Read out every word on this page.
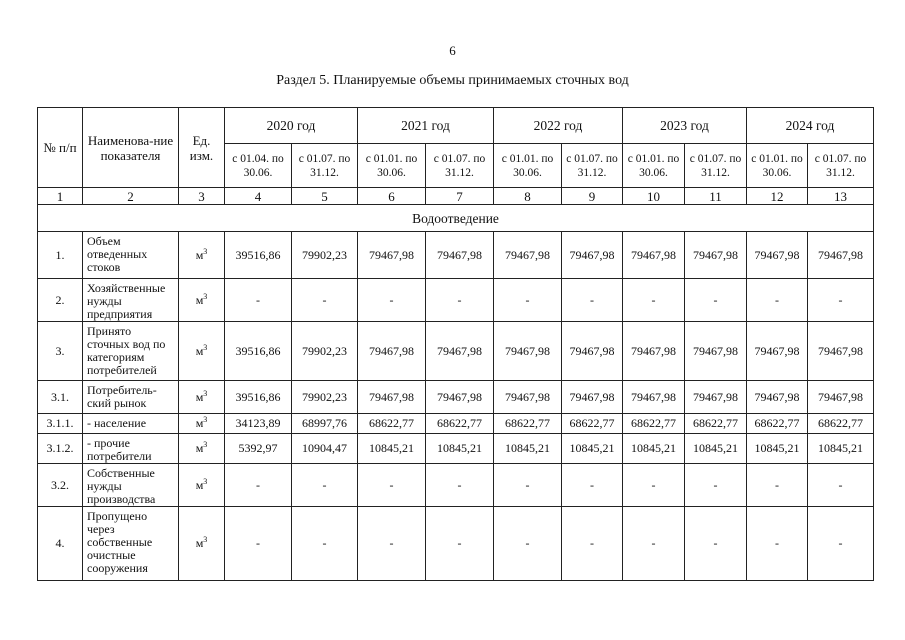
6
Раздел 5. Планируемые объемы принимаемых сточных вод
№ п/п	Наименова-ние показателя	Ед. изм.	2020 год		2021 год		2022 год		2023 год		2024 год	
			с 01.04. по 30.06.	с 01.07. по 31.12.	с 01.01. по 30.06.	с 01.07. по 31.12.	с 01.01. по 30.06.	с 01.07. по 31.12.	с 01.01. по 30.06.	с 01.07. по 31.12.	с 01.01. по 30.06.	с 01.07. по 31.12.
1	2	3	4	5	6	7	8	9	10	11	12	13
Водоотведение												
1.	Объем отведенных стоков	$м^3$	39516,86	79902,23	79467,98	79467,98	79467,98	79467,98	79467,98	79467,98	79467,98	79467,98
2.	Хозяйственные нужды предприятия	$м^3$	-	-	-	-	-	-	-	-	-	-
3.	Принято сточных вод по категориям потребителей	$м^3$	39516,86	79902,23	79467,98	79467,98	79467,98	79467,98	79467,98	79467,98	79467,98	79467,98
3.1.	Потребитель-ский рынок	$м^3$	39516,86	79902,23	79467,98	79467,98	79467,98	79467,98	79467,98	79467,98	79467,98	79467,98
3.1.1.	- население	$м^3$	34123,89	68997,76	68622,77	68622,77	68622,77	68622,77	68622,77	68622,77	68622,77	68622,77
3.1.2.	- прочие потребители	$м^3$	5392,97	10904,47	10845,21	10845,21	10845,21	10845,21	10845,21	10845,21	10845,21	10845,21
3.2.	Собственные нужды производства	$м^3$	-	-	-	-	-	-	-	-	-	-
4.	Пропущено через собственные очистные сооружения	$м^3$	-	-	-	-	-	-	-	-	-	-
